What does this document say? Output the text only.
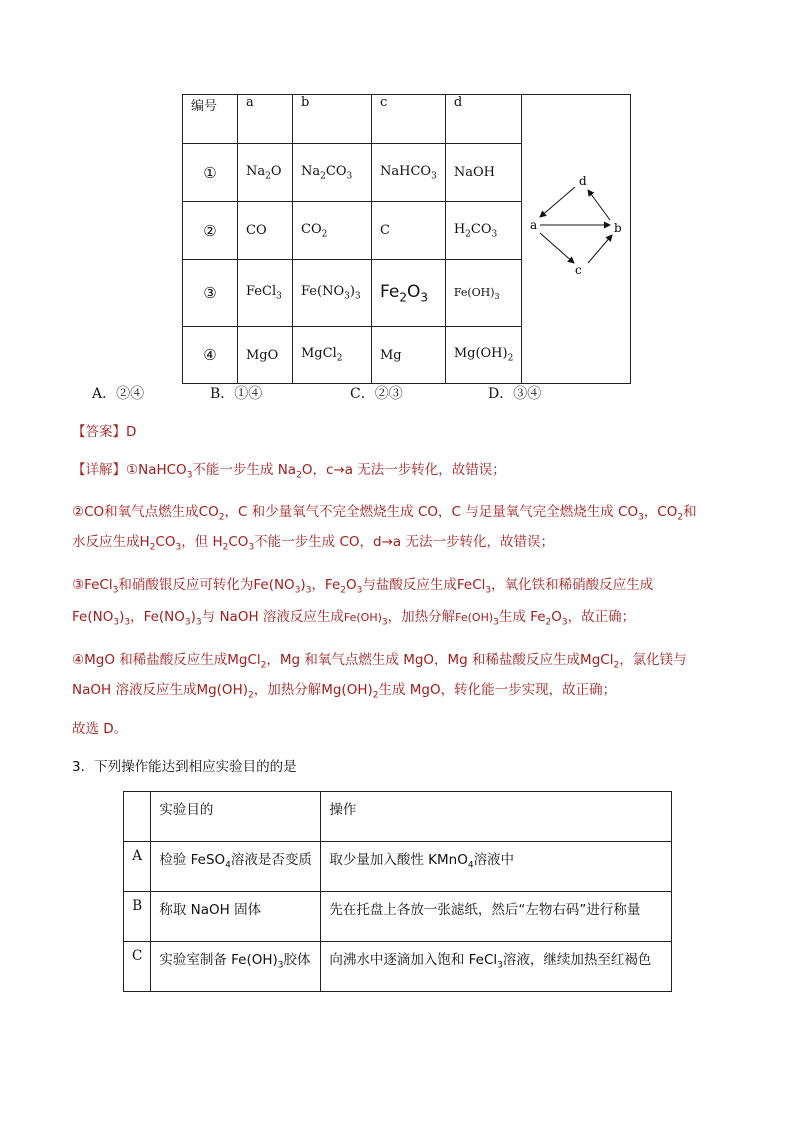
编号	a	b	c	d	d
a b
c

①	$Na_2O$	$Na_2CO_3$	NaHCO$_3$	NaOH	
②	CO	$CO_2$	C	$H_2CO_3$
③	FeCl$_3$	$Fe(NO_3)_3$	$Fe_2O_3$	$Fe(OH)_3$
④	MgO	MgCl$_2$	Mg	$Mg(OH)_2$
A．②④	B．①④	C．②③	D．③④
【答案】D
【详解】①NaHCO$_3$不能一步生成 $Na_2O$，c→a 无法一步转化，故错误；
②CO和氧气点燃生成$CO_2$，C 和少量氧气不完全燃烧生成 CO，C 与足量氧气完全燃烧生成 $CO_3$，$CO_2$和
水反应生成$H_2CO_3$，但 $H_2CO_3$不能一步生成 CO，d→a 无法一步转化，故错误；
③FeCl$_3$和硝酸银反应可转化为$Fe(NO_3)_3$，$Fe_2O_3$与盐酸反应生成FeCl$_3$，氧化铁和稀硝酸反应生成
$Fe(NO_3)_3$，$Fe(NO_3)_3$与 NaOH 溶液反应生成$Fe(OH)_3$，加热分解$Fe(OH)_3$生成 $Fe_2O_3$，故正确；
④MgO 和稀盐酸反应生成MgCl$_2$，Mg 和氧气点燃生成 MgO，Mg 和稀盐酸反应生成MgCl$_2$，氯化镁与
NaOH 溶液反应生成$Mg(OH)_2$，加热分解$Mg(OH)_2$生成 MgO，转化能一步实现，故正确；
故选 D。
3．下列操作能达到相应实验目的的是
	实验目的	操作
A	检验 FeSO$_4$溶液是否变质	取少量加入酸性 KMnO$_4$溶液中
B	称取 NaOH 固体	先在托盘上各放一张滤纸，然后“左物右码”进行称量
C	实验室制备 $Fe(OH)_3$胶体	向沸水中逐滴加入饱和 FeCl$_3$溶液，继续加热至红褐色
